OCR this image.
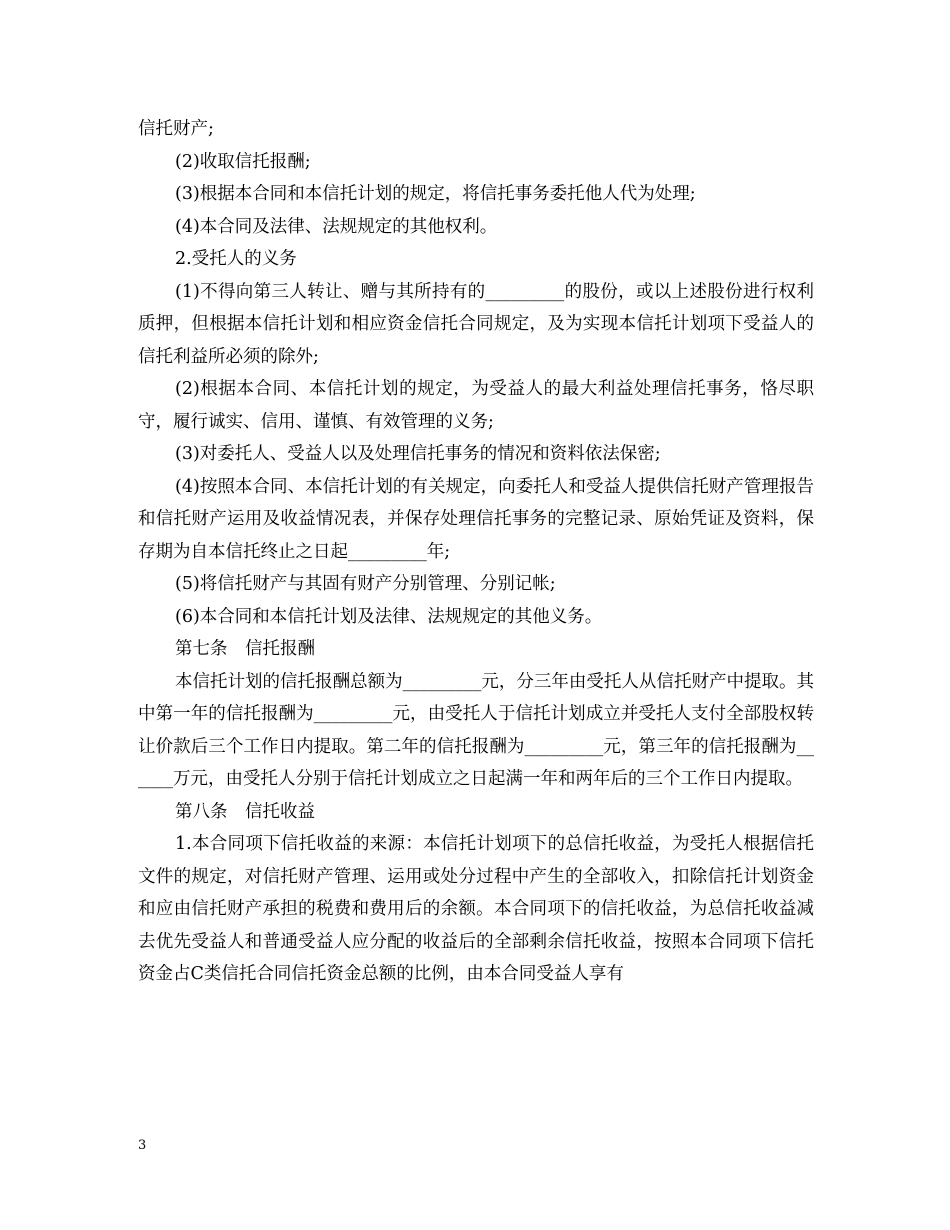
信托财产;

(2)收取信托报酬;

(3)根据本合同和本信托计划的规定，将信托事务委托他人代为处理;

(4)本合同及法律、法规规定的其他权利。

2.受托人的义务

(1)不得向第三人转让、赠与其所持有的_________的股份，或以上述股份进行权利质押，但根据本信托计划和相应资金信托合同规定，及为实现本信托计划项下受益人的信托利益所必须的除外;

(2)根据本合同、本信托计划的规定，为受益人的最大利益处理信托事务，恪尽职守，履行诚实、信用、谨慎、有效管理的义务;

(3)对委托人、受益人以及处理信托事务的情况和资料依法保密;

(4)按照本合同、本信托计划的有关规定，向委托人和受益人提供信托财产管理报告和信托财产运用及收益情况表，并保存处理信托事务的完整记录、原始凭证及资料，保存期为自本信托终止之日起_________年;

(5)将信托财产与其固有财产分别管理、分别记帐;

(6)本合同和本信托计划及法律、法规规定的其他义务。

第七条　信托报酬

本信托计划的信托报酬总额为_________元，分三年由受托人从信托财产中提取。其中第一年的信托报酬为_________元，由受托人于信托计划成立并受托人支付全部股权转让价款后三个工作日内提取。第二年的信托报酬为_________元，第三年的信托报酬为______万元，由受托人分别于信托计划成立之日起满一年和两年后的三个工作日内提取。

第八条　信托收益

1.本合同项下信托收益的来源：本信托计划项下的总信托收益，为受托人根据信托文件的规定，对信托财产管理、运用或处分过程中产生的全部收入，扣除信托计划资金和应由信托财产承担的税费和费用后的余额。本合同项下的信托收益，为总信托收益减去优先受益人和普通受益人应分配的收益后的全部剩余信托收益，按照本合同项下信托资金占C类信托合同信托资金总额的比例，由本合同受益人享有

3
